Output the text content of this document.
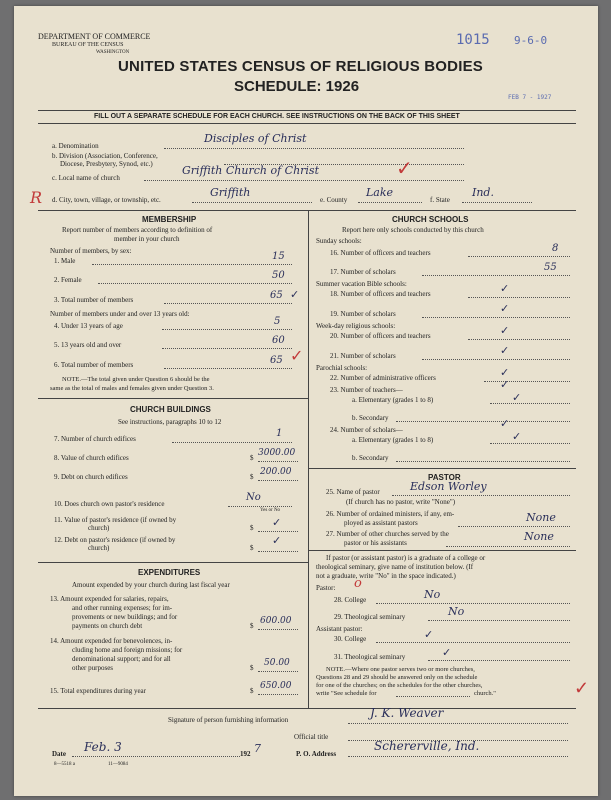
DEPARTMENT OF COMMERCE
BUREAU OF THE CENSUS
WASHINGTON
1015 9-6-0
FEB 7 - 1927
UNITED STATES CENSUS OF RELIGIOUS BODIES
SCHEDULE: 1926
FILL OUT A SEPARATE SCHEDULE FOR EACH CHURCH. SEE INSTRUCTIONS ON THE BACK OF THIS SHEET
a. Denomination
Disciples of Christ
b. Division (Association, Conference,
Diocese, Presbytery, Synod, etc.)
c. Local name of church
Griffith Church of Christ	✓
R d. City, town, village, or township, etc.
Griffith
e. County
Lake
f. State
Ind.
MEMBERSHIP
Report number of members according to definition of
member in your church
Number of members, by sex:
1. Male	15
2. Female	50
3. Total number of members	65 ✓
Number of members under and over 13 years old:
4. Under 13 years of age	5
5. 13 years old and over	60
6. Total number of members	65 ✓
NOTE.—The total given under Question 6 should be the
same as the total of males and females given under Question 3.
CHURCH BUILDINGS
See instructions, paragraphs 10 to 12
7. Number of church edifices	1
8. Value of church edifices	$ 3000.00
9. Debt on church edifices	$ 200.00
10. Does church own pastor's residence
No
Yes or No
11. Value of pastor's residence (if owned by
church)	$ ✓
12. Debt on pastor's residence (if owned by
church)	$
✓
EXPENDITURES
Amount expended by your church during last fiscal year
13. Amount expended for salaries, repairs,
and other running expenses; for im-
provements or new buildings; and for
payments on church debt	$ 600.00
14. Amount expended for benevolences, in-
cluding home and foreign missions; for
denominational support; and for all
other purposes	$ 50.00
15. Total expenditures during year	$ 650.00
CHURCH SCHOOLS
Report here only schools conducted by this church
Sunday schools:
16. Number of officers and teachers	8
17. Number of scholars	55
Summer vacation Bible schools:
18. Number of officers and teachers	✓
19. Number of scholars	✓
Week-day religious schools:
20. Number of officers and teachers	✓
21. Number of scholars	✓
Parochial schools:
22. Number of administrative officers	✓
23. Number of teachers—	✓
a. Elementary (grades 1 to 8)	✓
b. Secondary
24. Number of scholars—	✓
a. Elementary (grades 1 to 8)	✓
b. Secondary
PASTOR
25. Name of pastor	Edson Worley
(If church has no pastor, write "None")
26. Number of ordained ministers, if any, em-
ployed as assistant pastors	None
27. Number of other churches served by the
pastor or his assistants	None
If pastor (or assistant pastor) is a graduate of a college or
theological seminary, give name of institution below. (If
not a graduate, write "No" in the space indicated.)
Pastor: o
28. College	No
29. Theological seminary	No
Assistant pastor:
30. College	✓
31. Theological seminary	✓
NOTE.—Where one pastor serves two or more churches,
Questions 28 and 29 should be answered only on the schedule
for one of the churches; on the schedules for the other churches,
write "See schedule for	church."	✓
Signature of person furnishing information	J. K. Weaver
Official title
Date Feb. 3	192 7	P. O. Address
Schererville, Ind.
8—5518 a	11—9084
